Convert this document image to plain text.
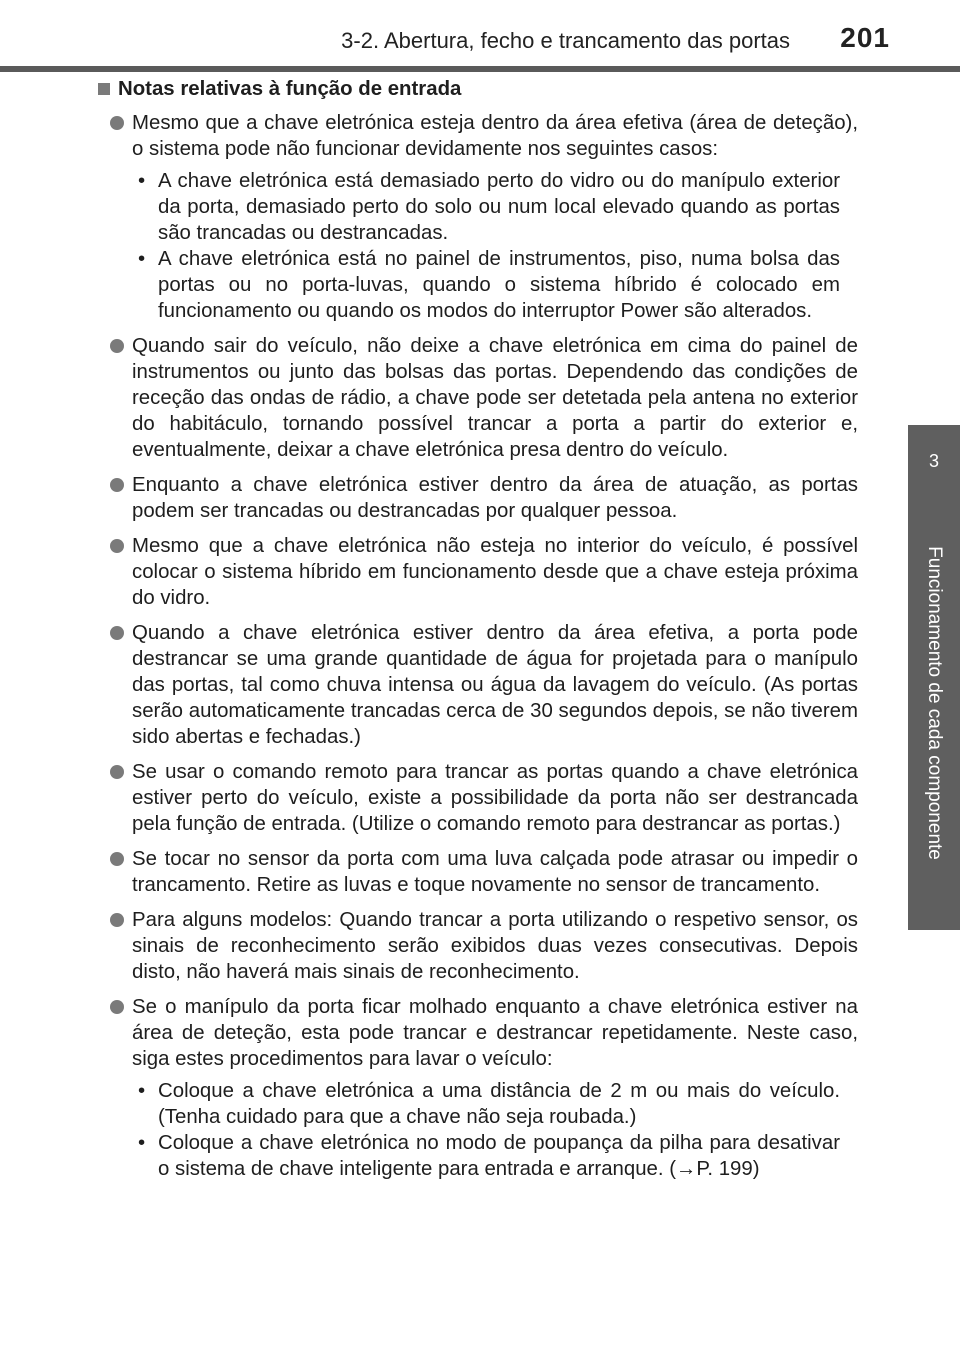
3-2. Abertura, fecho e trancamento das portas 201
3
Funcionamento de cada componente
Notas relativas à função de entrada
Mesmo que a chave eletrónica esteja dentro da área efetiva (área de deteção), o sistema pode não funcionar devidamente nos seguintes casos:
• A chave eletrónica está demasiado perto do vidro ou do manípulo exterior da porta, demasiado perto do solo ou num local elevado quando as portas são trancadas ou destrancadas.
• A chave eletrónica está no painel de instrumentos, piso, numa bolsa das portas ou no porta-luvas, quando o sistema híbrido é colocado em funcionamento ou quando os modos do interruptor Power são alterados.
Quando sair do veículo, não deixe a chave eletrónica em cima do painel de instrumentos ou junto das bolsas das portas. Dependendo das condições de receção das ondas de rádio, a chave pode ser detetada pela antena no exterior do habitáculo, tornando possível trancar a porta a partir do exterior e, eventualmente, deixar a chave eletrónica presa dentro do veículo.
Enquanto a chave eletrónica estiver dentro da área de atuação, as portas podem ser trancadas ou destrancadas por qualquer pessoa.
Mesmo que a chave eletrónica não esteja no interior do veículo, é possível colocar o sistema híbrido em funcionamento desde que a chave esteja próxima do vidro.
Quando a chave eletrónica estiver dentro da área efetiva, a porta pode destrancar se uma grande quantidade de água for projetada para o manípulo das portas, tal como chuva intensa ou água da lavagem do veículo. (As portas serão automaticamente trancadas cerca de 30 segundos depois, se não tiverem sido abertas e fechadas.)
Se usar o comando remoto para trancar as portas quando a chave eletrónica estiver perto do veículo, existe a possibilidade da porta não ser destrancada pela função de entrada. (Utilize o comando remoto para destrancar as portas.)
Se tocar no sensor da porta com uma luva calçada pode atrasar ou impedir o trancamento. Retire as luvas e toque novamente no sensor de trancamento.
Para alguns modelos: Quando trancar a porta utilizando o respetivo sensor, os sinais de reconhecimento serão exibidos duas vezes consecutivas. Depois disto, não haverá mais sinais de reconhecimento.
Se o manípulo da porta ficar molhado enquanto a chave eletrónica estiver na área de deteção, esta pode trancar e destrancar repetidamente. Neste caso, siga estes procedimentos para lavar o veículo:
• Coloque a chave eletrónica a uma distância de 2 m ou mais do veículo. (Tenha cuidado para que a chave não seja roubada.)
• Coloque a chave eletrónica no modo de poupança da pilha para desativar o sistema de chave inteligente para entrada e arranque. (→P. 199)
